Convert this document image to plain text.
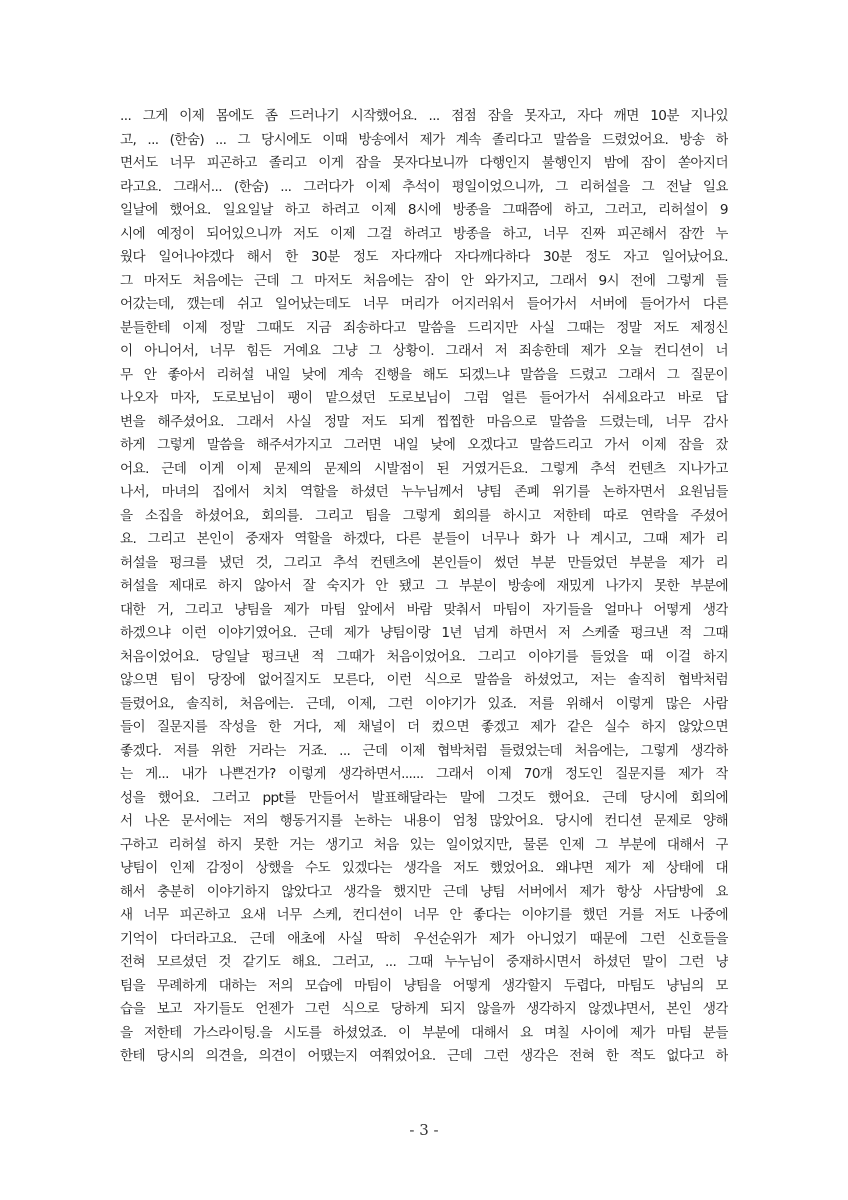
... 그게 이제 몸에도 좀 드러나기 시작했어요. ... 점점 잠을 못자고, 자다 깨면 10분 지나있
고, ... (한숨) ... 그 당시에도 이때 방송에서 제가 계속 졸리다고 말씀을 드렸었어요. 방송 하
면서도 너무 피곤하고 졸리고 이게 잠을 못자다보니까 다행인지 불행인지 밤에 잠이 쏟아지더
라고요. 그래서... (한숨) ... 그러다가 이제 추석이 평일이었으니까, 그 리허설을 그 전날 일요
일날에 했어요. 일요일날 하고 하려고 이제 8시에 방종을 그때쯤에 하고, 그러고, 리허설이 9
시에 예정이 되어있으니까 저도 이제 그걸 하려고 방종을 하고, 너무 진짜 피곤해서 잠깐 누
웠다 일어나야겠다 해서 한 30분 정도 자다깨다 자다깨다하다 30분 정도 자고 일어났어요.
그 마저도 처음에는 근데 그 마저도 처음에는 잠이 안 와가지고, 그래서 9시 전에 그렇게 들
어갔는데, 깼는데 쉬고 일어났는데도 너무 머리가 어지러워서 들어가서 서버에 들어가서 다른
분들한테 이제 정말 그때도 지금 죄송하다고 말씀을 드리지만 사실 그때는 정말 저도 제정신
이 아니어서, 너무 힘든 거예요 그냥 그 상황이. 그래서 저 죄송한데 제가 오늘 컨디션이 너
무 안 좋아서 리허설 내일 낮에 계속 진행을 해도 되겠느냐 말씀을 드렸고 그래서 그 질문이
나오자 마자, 도로보님이 팽이 맡으셨던 도로보님이 그럼 얼른 들어가서 쉬세요라고 바로 답
변을 해주셨어요. 그래서 사실 정말 저도 되게 찝찝한 마음으로 말씀을 드렸는데, 너무 감사
하게 그렇게 말씀을 해주셔가지고 그러면 내일 낮에 오겠다고 말씀드리고 가서 이제 잠을 잤
어요. 근데 이게 이제 문제의 문제의 시발점이 된 거였거든요. 그렇게 추석 컨텐츠 지나가고
나서, 마녀의 집에서 치치 역할을 하셨던 누누님께서 냥팀 존폐 위기를 논하자면서 요원님들
을 소집을 하셨어요, 회의를. 그리고 팀을 그렇게 회의를 하시고 저한테 따로 연락을 주셨어
요. 그리고 본인이 중재자 역할을 하겠다, 다른 분들이 너무나 화가 나 계시고, 그때 제가 리
허설을 펑크를 냈던 것, 그리고 추석 컨텐츠에 본인들이 썼던 부분 만들었던 부분을 제가 리
허설을 제대로 하지 않아서 잘 숙지가 안 됐고 그 부분이 방송에 재밌게 나가지 못한 부분에
대한 거, 그리고 냥팀을 제가 마팀 앞에서 바람 맞춰서 마팀이 자기들을 얼마나 어떻게 생각
하겠으냐 이런 이야기였어요. 근데 제가 냥팀이랑 1년 넘게 하면서 저 스케줄 펑크낸 적 그때
처음이었어요. 당일날 펑크낸 적 그때가 처음이었어요. 그리고 이야기를 들었을 때 이걸 하지
않으면 팀이 당장에 없어질지도 모른다, 이런 식으로 말씀을 하셨었고, 저는 솔직히 협박처럼
들렸어요, 솔직히, 처음에는. 근데, 이제, 그런 이야기가 있죠. 저를 위해서 이렇게 많은 사람
들이 질문지를 작성을 한 거다, 제 채널이 더 컸으면 좋겠고 제가 같은 실수 하지 않았으면
좋겠다. 저를 위한 거라는 거죠. ... 근데 이제 협박처럼 들렸었는데 처음에는, 그렇게 생각하
는 게... 내가 나쁜건가? 이렇게 생각하면서...... 그래서 이제 70개 정도인 질문지를 제가 작
성을 했어요. 그러고 ppt를 만들어서 발표해달라는 말에 그것도 했어요. 근데 당시에 회의에
서 나온 문서에는 저의 행동거지를 논하는 내용이 엄청 많았어요. 당시에 컨디션 문제로 양해
구하고 리허설 하지 못한 거는 생기고 처음 있는 일이었지만, 물론 인제 그 부분에 대해서 구
냥팀이 인제 감정이 상했을 수도 있겠다는 생각을 저도 했었어요. 왜냐면 제가 제 상태에 대
해서 충분히 이야기하지 않았다고 생각을 했지만 근데 냥팀 서버에서 제가 항상 사담방에 요
새 너무 피곤하고 요새 너무 스케, 컨디션이 너무 안 좋다는 이야기를 했던 거를 저도 나중에
기억이 다더라고요. 근데 애초에 사실 딱히 우선순위가 제가 아니었기 때문에 그런 신호들을
전혀 모르셨던 것 같기도 해요. 그러고, ... 그때 누누님이 중재하시면서 하셨던 말이 그런 냥
팀을 무례하게 대하는 저의 모습에 마팀이 냥팀을 어떻게 생각할지 두렵다, 마팀도 냥님의 모
습을 보고 자기들도 언젠가 그런 식으로 당하게 되지 않을까 생각하지 않겠냐면서, 본인 생각
을 저한테 가스라이팅.을 시도를 하셨었죠. 이 부분에 대해서 요 며칠 사이에 제가 마팀 분들
한테 당시의 의견을, 의견이 어땠는지 여쭤었어요. 근데 그런 생각은 전혀 한 적도 없다고 하
- 3 -
